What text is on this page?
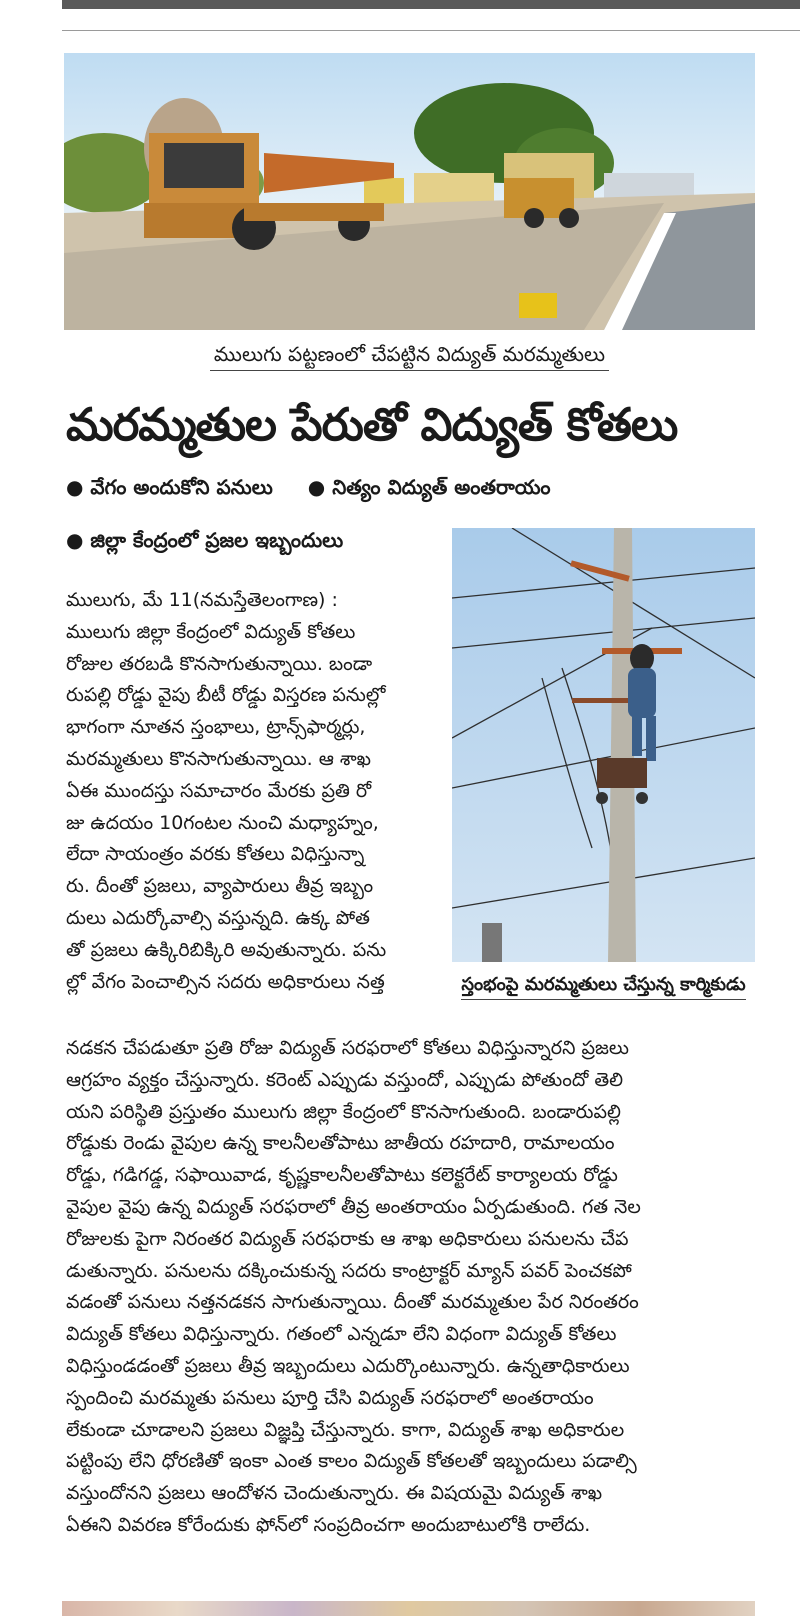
ములుగు పట్టణంలో చేపట్టిన విద్యుత్ మరమ్మతులు
మరమ్మతుల పేరుతో విద్యుత్ కోతలు
● వేగం అందుకోని పనులు ● నిత్యం విద్యుత్ అంతరాయం
● జిల్లా కేంద్రంలో ప్రజల ఇబ్బందులు
స్తంభంపై మరమ్మతులు చేస్తున్న కార్మికుడు
ములుగు, మే 11(నమస్తేతెలంగాణ) :
ములుగు జిల్లా కేంద్రంలో విద్యుత్ కోతలు
రోజుల తరబడి కొనసాగుతున్నాయి. బండా
రుపల్లి రోడ్డు వైపు బీటీ రోడ్డు విస్తరణ పనుల్లో
భాగంగా నూతన స్తంభాలు, ట్రాన్స్‌ఫార్మర్లు,
మరమ్మతులు కొనసాగుతున్నాయి. ఆ శాఖ
ఏఈ ముందస్తు సమాచారం మేరకు ప్రతి రో
జు ఉదయం 10గంటల నుంచి మధ్యాహ్నం,
లేదా సాయంత్రం వరకు కోతలు విధిస్తున్నా
రు. దీంతో ప్రజలు, వ్యాపారులు తీవ్ర ఇబ్బం
దులు ఎదుర్కోవాల్సి వస్తున్నది. ఉక్క పోత
తో ప్రజలు ఉక్కిరిబిక్కిరి అవుతున్నారు. పను
ల్లో వేగం పెంచాల్సిన సదరు అధికారులు నత్త
నడకన చేపడుతూ ప్రతి రోజు విద్యుత్ సరఫరాలో కోతలు విధిస్తున్నారని ప్రజలు
ఆగ్రహం వ్యక్తం చేస్తున్నారు. కరెంట్ ఎప్పుడు వస్తుందో, ఎప్పుడు పోతుందో తెలి
యని పరిస్థితి ప్రస్తుతం ములుగు జిల్లా కేంద్రంలో కొనసాగుతుంది. బండారుపల్లి
రోడ్డుకు రెండు వైపుల ఉన్న కాలనీలతోపాటు జాతీయ రహదారి, రామాలయం
రోడ్డు, గడిగడ్డ, సఫాయివాడ, కృష్ణకాలనీలతోపాటు కలెక్టరేట్ కార్యాలయ రోడ్డు
వైపుల వైపు ఉన్న విద్యుత్ సరఫరాలో తీవ్ర అంతరాయం ఏర్పడుతుంది. గత నెల
రోజులకు పైగా నిరంతర విద్యుత్ సరఫరాకు ఆ శాఖ అధికారులు పనులను చేప
డుతున్నారు. పనులను దక్కించుకున్న సదరు కాంట్రాక్టర్ మ్యాన్ పవర్ పెంచకపో
వడంతో పనులు నత్తనడకన సాగుతున్నాయి. దీంతో మరమ్మతుల పేర నిరంతరం
విద్యుత్ కోతలు విధిస్తున్నారు. గతంలో ఎన్నడూ లేని విధంగా విద్యుత్ కోతలు
విధిస్తుండడంతో ప్రజలు తీవ్ర ఇబ్బందులు ఎదుర్కొంటున్నారు. ఉన్నతాధికారులు
స్పందించి మరమ్మతు పనులు పూర్తి చేసి విద్యుత్ సరఫరాలో అంతరాయం
లేకుండా చూడాలని ప్రజలు విజ్ఞప్తి చేస్తున్నారు. కాగా, విద్యుత్ శాఖ అధికారుల
పట్టింపు లేని ధోరణితో ఇంకా ఎంత కాలం విద్యుత్ కోతలతో ఇబ్బందులు పడాల్సి
వస్తుందోనని ప్రజలు ఆందోళన చెందుతున్నారు. ఈ విషయమై విద్యుత్ శాఖ
ఏఈని వివరణ కోరేందుకు ఫోన్‌లో సంప్రదించగా అందుబాటులోకి రాలేదు.
